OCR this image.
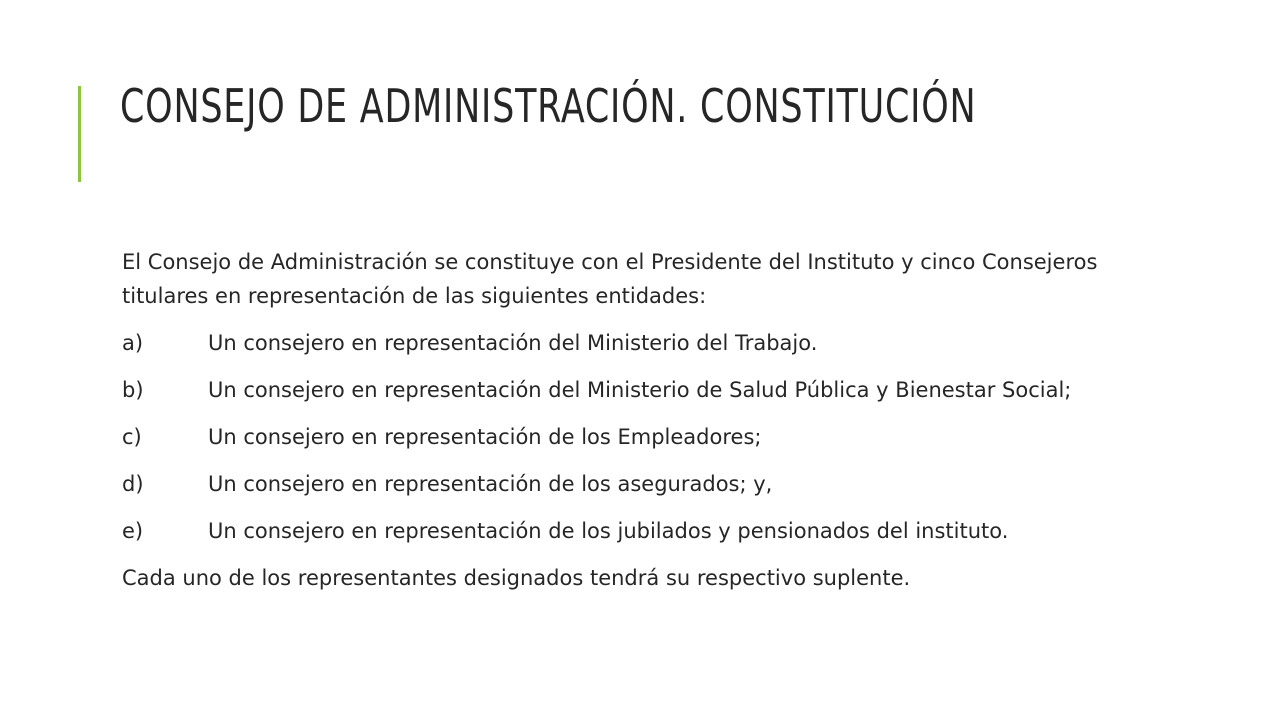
CONSEJO DE ADMINISTRACIÓN. CONSTITUCIÓN

El Consejo de Administración se constituye con el Presidente del Instituto y cinco Consejeros titulares en representación de las siguientes entidades:

a)	Un consejero en representación del Ministerio del Trabajo.

b)	Un consejero en representación del Ministerio de Salud Pública y Bienestar Social;

c)	Un consejero en representación de los Empleadores;

d)	Un consejero en representación de los asegurados; y,

e)	Un consejero en representación de los jubilados y pensionados del instituto.

Cada uno de los representantes designados tendrá su respectivo suplente.
